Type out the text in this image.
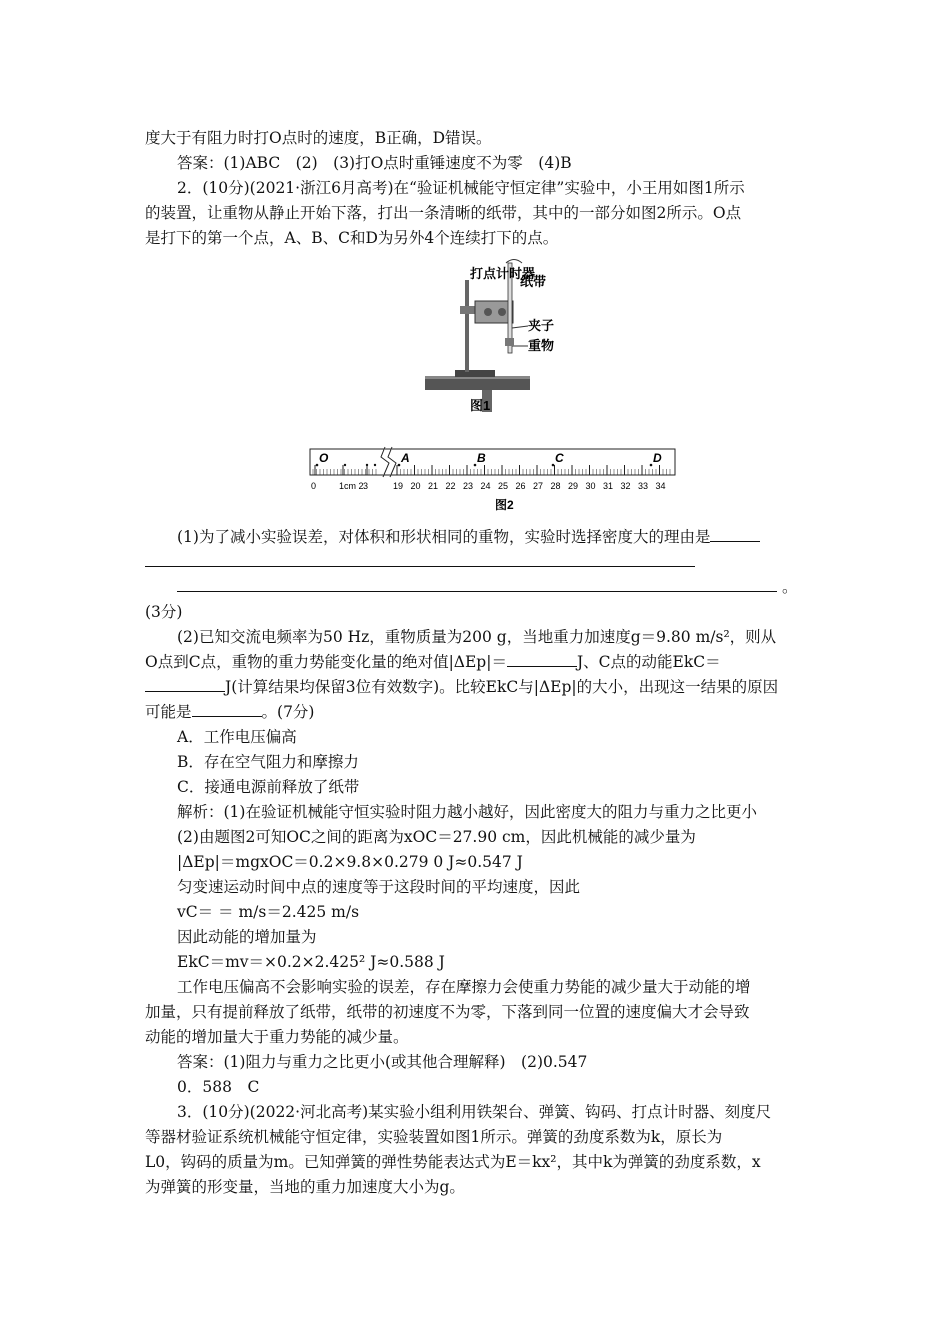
度大于有阻力时打O点时的速度，B正确，D错误。
答案：(1)ABC　(2)　(3)打O点时重锤速度不为零　(4)B
2．(10分)(2021·浙江6月高考)在“验证机械能守恒定律”实验中，小王用如图1所示
的装置，让重物从静止开始下落，打出一条清晰的纸带，其中的一部分如图2所示。O点
是打下的第一个点，A、B、C和D为另外4个连续打下的点。
打点计时器
纸带
夹子
重物
图1
0	1cm 2 3	19 20 21 22 23 24 25 26 27 28 29 30 31 32 33 34
O	A	B	C	D
图2
(1)为了减小实验误差，对体积和形状相同的重物，实验时选择密度大的理由是
。
(3分)
(2)已知交流电频率为50 Hz，重物质量为200 g，当地重力加速度g＝9.80 m/s²，则从
O点到C点，重物的重力势能变化量的绝对值|ΔEp|＝	J、C点的动能EkC＝
J(计算结果均保留3位有效数字)。比较EkC与|ΔEp|的大小，出现这一结果的原因
可能是	。(7分)
A．工作电压偏高
B．存在空气阻力和摩擦力
C．接通电源前释放了纸带
解析：(1)在验证机械能守恒实验时阻力越小越好，因此密度大的阻力与重力之比更小
(2)由题图2可知OC之间的距离为xOC＝27.90 cm，因此机械能的减少量为
|ΔEp|＝mgxOC＝0.2×9.8×0.279 0 J≈0.547 J
匀变速运动时间中点的速度等于这段时间的平均速度，因此
vC＝ ＝ m/s＝2.425 m/s
因此动能的增加量为
EkC＝mv＝×0.2×2.425² J≈0.588 J
工作电压偏高不会影响实验的误差，存在摩擦力会使重力势能的减少量大于动能的增
加量，只有提前释放了纸带，纸带的初速度不为零，下落到同一位置的速度偏大才会导致
动能的增加量大于重力势能的减少量。
答案：(1)阻力与重力之比更小(或其他合理解释)　(2)0.547
0．588　C
3．(10分)(2022·河北高考)某实验小组利用铁架台、弹簧、钩码、打点计时器、刻度尺
等器材验证系统机械能守恒定律，实验装置如图1所示。弹簧的劲度系数为k，原长为
L0，钩码的质量为m。已知弹簧的弹性势能表达式为E＝kx²，其中k为弹簧的劲度系数，x
为弹簧的形变量，当地的重力加速度大小为g。
